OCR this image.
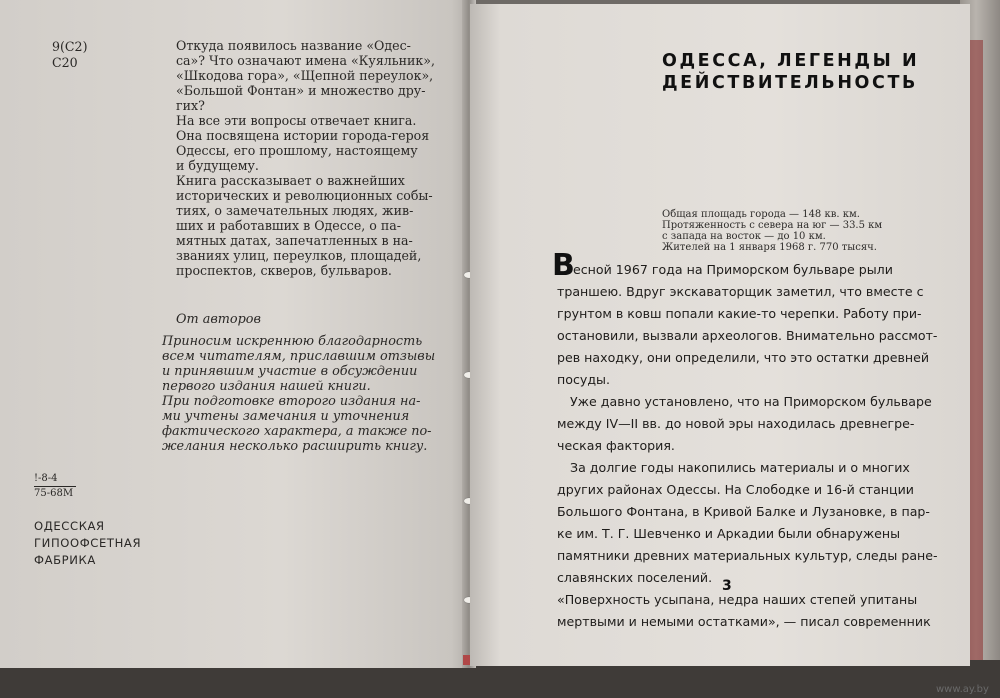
9(С2)
С20
Откуда появилось название «Одес-
са»? Что означают имена «Куяльник»,
«Шкодова гора», «Щепной переулок»,
«Большой Фонтан» и множество дру-
гих?
На все эти вопросы отвечает книга.
Она посвящена истории города-героя
Одессы, его прошлому, настоящему
и будущему.
Книга рассказывает о важнейших
исторических и революционных собы-
тиях, о замечательных людях, жив-
ших и работавших в Одессе, о па-
мятных датах, запечатленных в на-
званиях улиц, переулков, площадей,
проспектов, скверов, бульваров.
От авторов
Приносим искреннюю благодарность
всем читателям, приславшим отзывы
и принявшим участие в обсуждении
первого издания нашей книги.
При подготовке второго издания на-
ми учтены замечания и уточнения
фактического характера, а также по-
желания несколько расширить книгу.
!-8-4
75-68М
ОДЕССКАЯ
ГИПООФСЕТНАЯ
ФАБРИКА
ОДЕССА, ЛЕГЕНДЫ И
ДЕЙСТВИТЕЛЬНОСТЬ
Общая площадь города — 148 кв. км.
Протяженность с севера на юг — 33.5 км
с запада на восток — до 10 км.
Жителей на 1 января 1968 г. 770 тысяч.
В
есной 1967 года на Приморском бульваре рыли
траншею. Вдруг экскаваторщик заметил, что вместе с
грунтом в ковш попали какие-то черепки. Работу при-
остановили, вызвали археологов. Внимательно рассмот-
рев находку, они определили, что это остатки древней
посуды.
Уже давно установлено, что на Приморском бульваре
между IV—II вв. до новой эры находилась древнегре-
ческая фактория.
За долгие годы накопились материалы и о многих
других районах Одессы. На Слободке и 16-й станции
Большого Фонтана, в Кривой Балке и Лузановке, в пар-
ке им. Т. Г. Шевченко и Аркадии были обнаружены
памятники древних материальных культур, следы ране-
славянских поселений.
«Поверхность усыпана, недра наших степей упитаны
мертвыми и немыми остатками», — писал современник
3
www.ay.by
